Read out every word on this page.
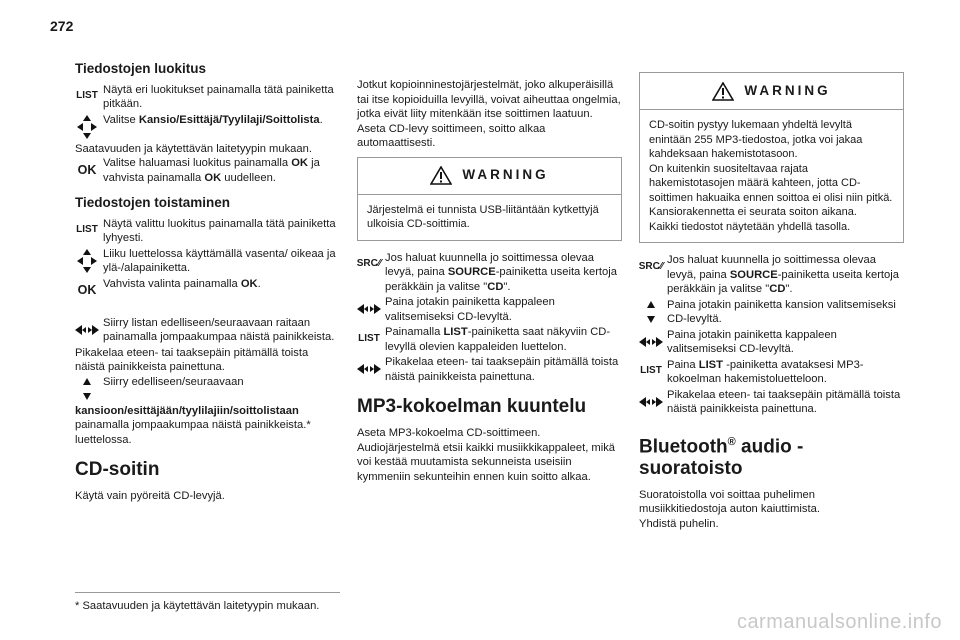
272
Tiedostojen luokitus
LIST
Näytä eri luokitukset painamalla tätä painiketta pitkään.
Valitse Kansio/Esittäjä/Tyylilaji/Soittolista.

Saatavuuden ja käytettävän laitetyypin mukaan.

OK Valitse haluamasi luokitus painamalla OK ja vahvista painamalla OK uudelleen.
Tiedostojen toistaminen
LIST
Näytä valittu luokitus painamalla tätä painiketta lyhyesti.
Liiku luettelossa käyttämällä vasenta/ oikeaa ja ylä-/alapainiketta.
OK Vahvista valinta painamalla OK.
Siirry listan edelliseen/seuraavaan raitaan painamalla jompaakumpaa näistä painikkeista.

Pikakelaa eteen- tai taaksepäin pitämällä toista näistä painikkeista painettuna.

Siirry edelliseen/seuraavaan

kansioon/esittäjään/tyylilajiin/soittolistaan painamalla jompaakumpaa näistä painikkeista.* luettelossa.

CD-soitin

Käytä vain pyöreitä CD-levyjä.

* Saatavuuden ja käytettävän laitetyypin mukaan.

Jotkut kopioinninestojärjestelmät, joko alkuperäisillä tai itse kopioiduilla levyillä, voivat aiheuttaa ongelmia, jotka eivät liity mitenkään itse soittimen laatuun.

Aseta CD-levy soittimeen, soitto alkaa automaattisesti.

WARNING
Järjestelmä ei tunnista USB-liitäntään kytkettyjä ulkoisia CD-soittimia.
SRC ⁄⁄
Jos haluat kuunnella jo soittimessa olevaa levyä, paina SOURCE-painiketta useita kertoja peräkkäin ja valitse "CD".
Paina jotakin painiketta kappaleen valitsemiseksi CD-levyltä.
LIST
Painamalla LIST-painiketta saat näkyviin CD-levyllä olevien kappaleiden luettelon.
Pikakelaa eteen- tai taaksepäin pitämällä toista näistä painikkeista painettuna.
MP3-kokoelman kuuntelu

Aseta MP3-kokoelma CD-soittimeen.

Audiojärjestelmä etsii kaikki musiikkikappaleet, mikä voi kestää muutamista sekunneista useisiin kymmeniin sekunteihin ennen kuin soitto alkaa.

WARNING

CD-soitin pystyy lukemaan yhdeltä levyltä enintään 255 MP3-tiedostoa, jotka voi jakaa kahdeksaan hakemistotasoon.

On kuitenkin suositeltavaa rajata hakemistotasojen määrä kahteen, jotta CD-soittimen hakuaika ennen soittoa ei olisi niin pitkä.

Kansiorakennetta ei seurata soiton aikana.

Kaikki tiedostot näytetään yhdellä tasolla.

SRC ⁄⁄
Jos haluat kuunnella jo soittimessa olevaa levyä, paina SOURCE-painiketta useita kertoja peräkkäin ja valitse "CD".
Paina jotakin painiketta kansion valitsemiseksi CD-levyltä.
Paina jotakin painiketta kappaleen valitsemiseksi CD-levyltä.
LIST
Paina LIST -painiketta avataksesi MP3-kokoelman hakemistoluetteloon.
Pikakelaa eteen- tai taaksepäin pitämällä toista näistä painikkeista painettuna.
Bluetooth® audio -suoratoisto

Suoratoistolla voi soittaa puhelimen musiikkitiedostoja auton kaiuttimista.

Yhdistä puhelin.

carmanualsonline.info
